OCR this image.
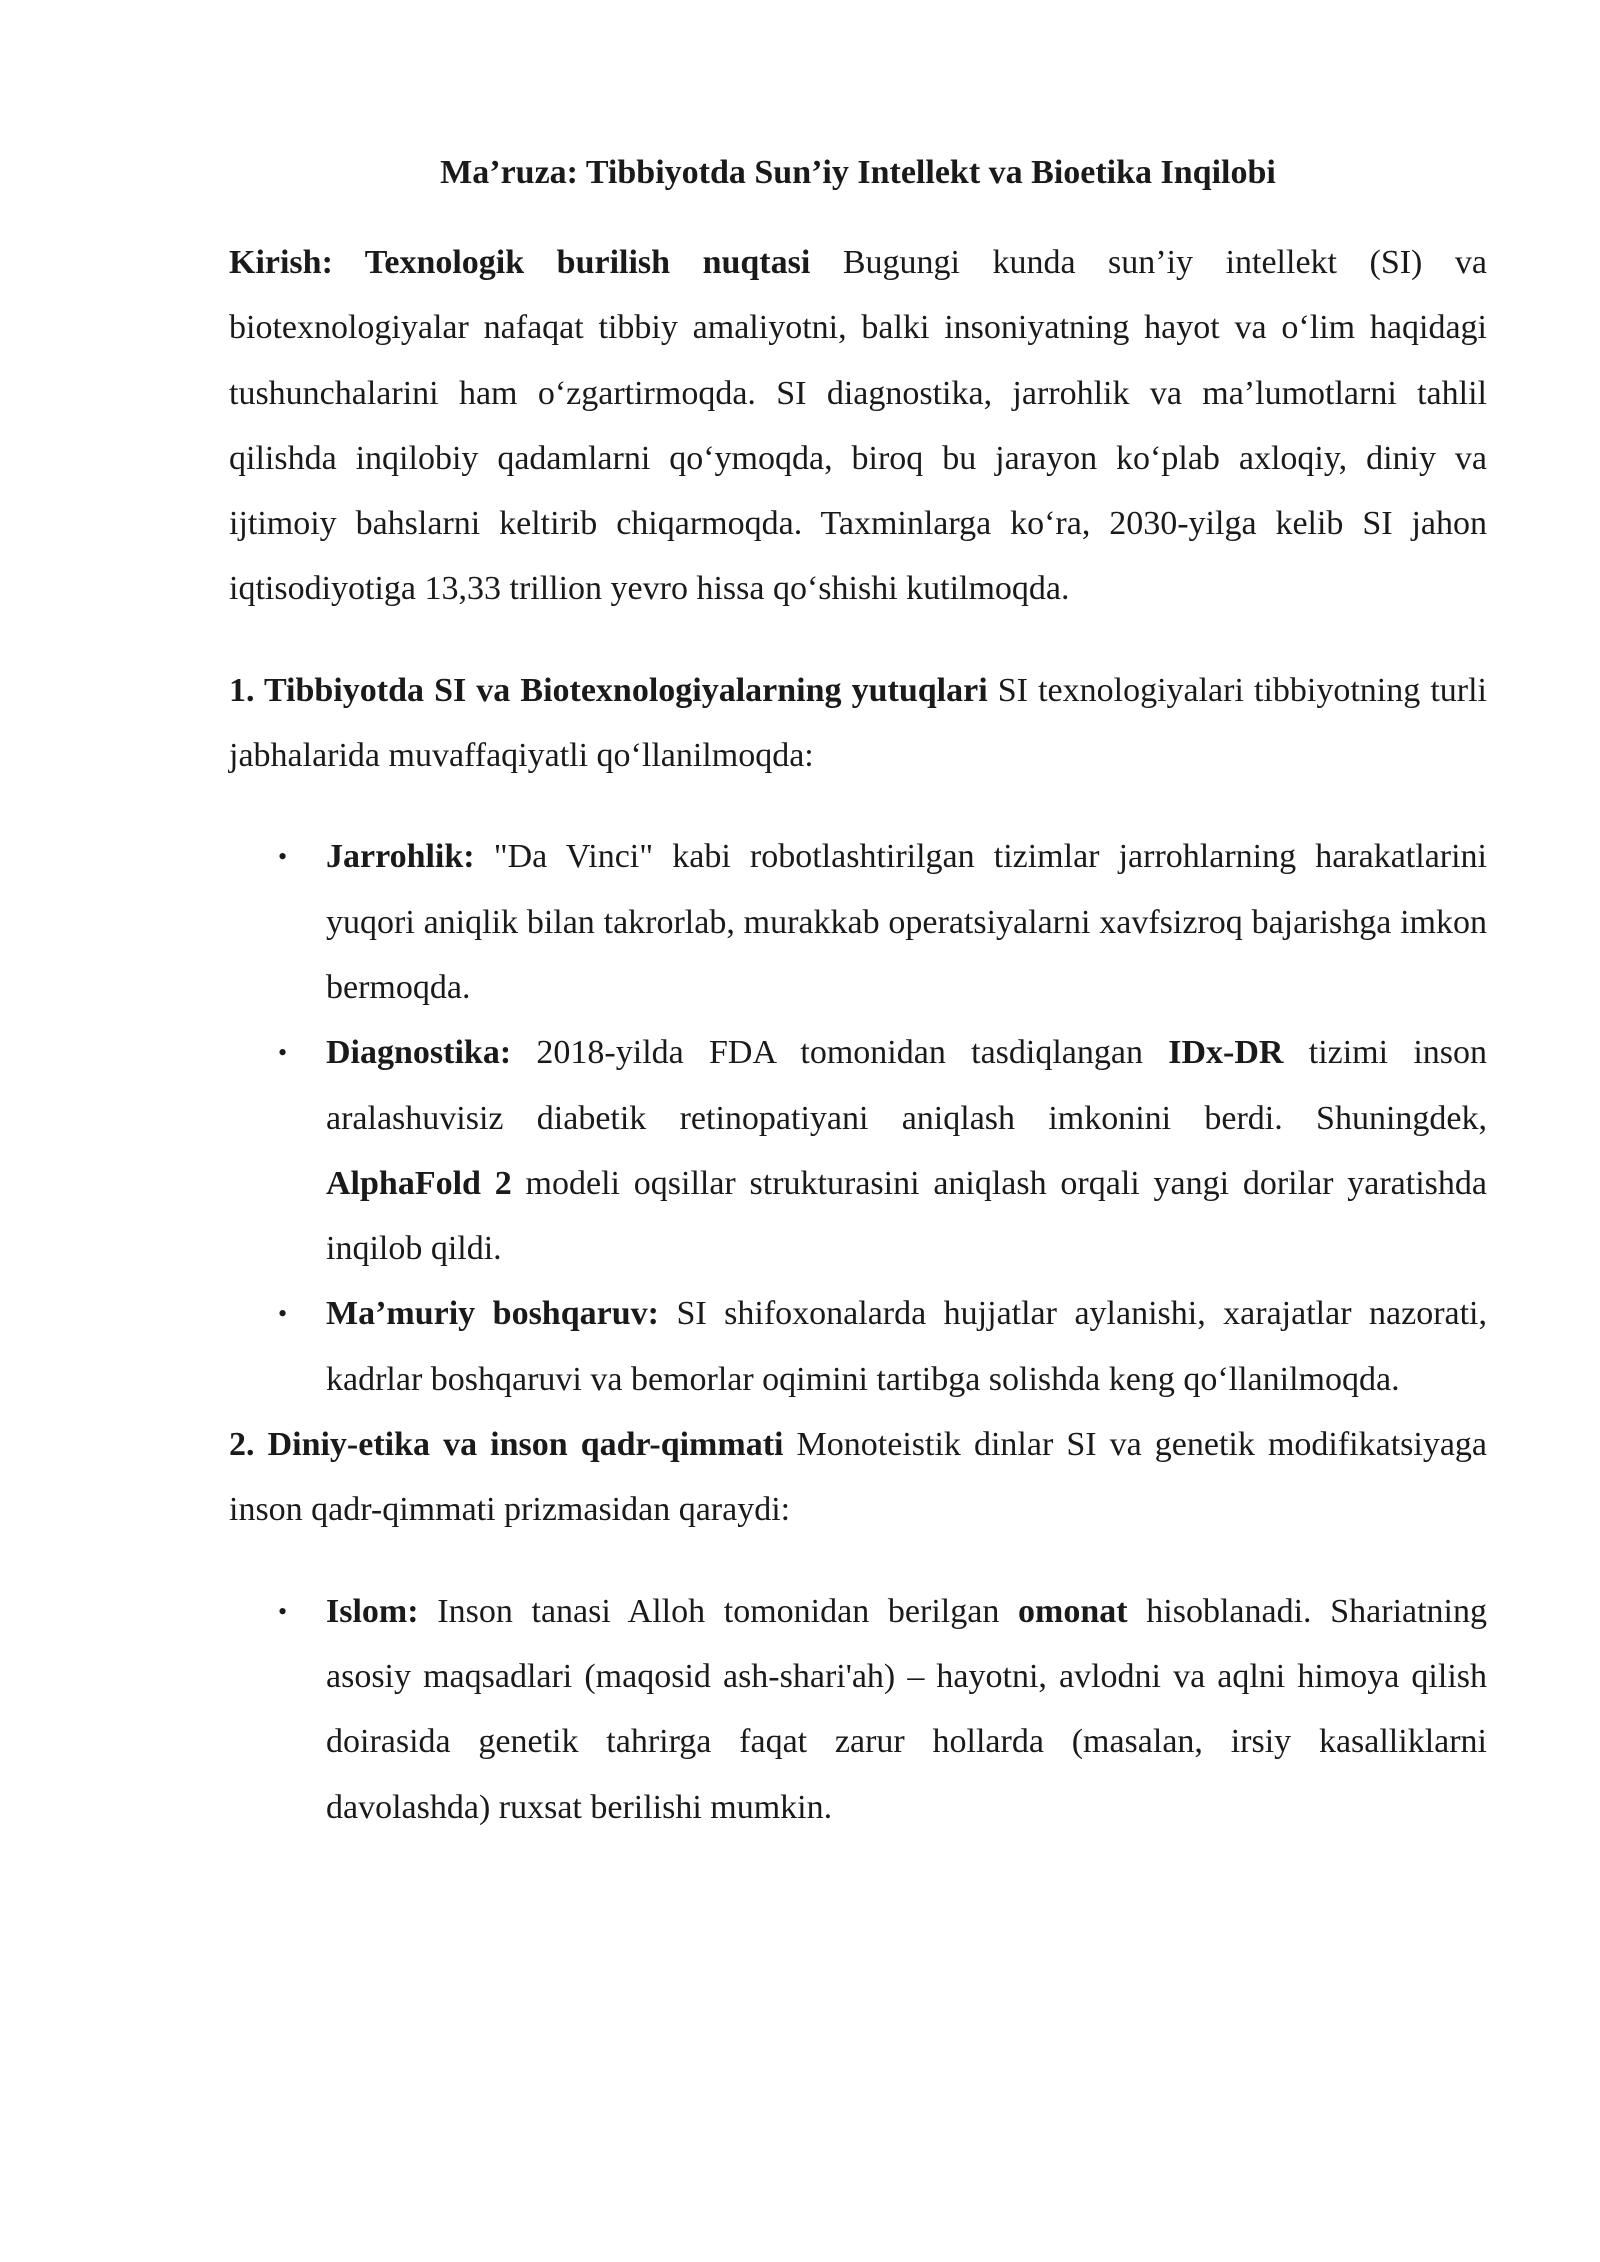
Ma’ruza: Tibbiyotda Sun’iy Intellekt va Bioetika Inqilobi

Kirish: Texnologik burilish nuqtasi Bugungi kunda sun’iy intellekt (SI) va biotexnologiyalar nafaqat tibbiy amaliyotni, balki insoniyatning hayot va o‘lim haqidagi tushunchalarini ham o‘zgartirmoqda. SI diagnostika, jarrohlik va ma’lumotlarni tahlil qilishda inqilobiy qadamlarni qo‘ymoqda, biroq bu jarayon ko‘plab axloqiy, diniy va ijtimoiy bahslarni keltirib chiqarmoqda. Taxminlarga ko‘ra, 2030-yilga kelib SI jahon iqtisodiyotiga 13,33 trillion yevro hissa qo‘shishi kutilmoqda.

1. Tibbiyotda SI va Biotexnologiyalarning yutuqlari SI texnologiyalari tibbiyotning turli jabhalarida muvaffaqiyatli qo‘llanilmoqda:

• Jarrohlik: "Da Vinci" kabi robotlashtirilgan tizimlar jarrohlarning harakatlarini yuqori aniqlik bilan takrorlab, murakkab operatsiyalarni xavfsizroq bajarishga imkon bermoqda.
• Diagnostika: 2018-yilda FDA tomonidan tasdiqlangan IDx-DR tizimi inson aralashuvisiz diabetik retinopatiyani aniqlash imkonini berdi. Shuningdek, AlphaFold 2 modeli oqsillar strukturasini aniqlash orqali yangi dorilar yaratishda inqilob qildi.
• Ma’muriy boshqaruv: SI shifoxonalarda hujjatlar aylanishi, xarajatlar nazorati, kadrlar boshqaruvi va bemorlar oqimini tartibga solishda keng qo‘llanilmoqda.

2. Diniy-etika va inson qadr-qimmati Monoteistik dinlar SI va genetik modifikatsiyaga inson qadr-qimmati prizmasidan qaraydi:

• Islom: Inson tanasi Alloh tomonidan berilgan omonat hisoblanadi. Shariatning asosiy maqsadlari (maqosid ash-shari'ah) – hayotni, avlodni va aqlni himoya qilish doirasida genetik tahrirga faqat zarur hollarda (masalan, irsiy kasalliklarni davolashda) ruxsat berilishi mumkin.
